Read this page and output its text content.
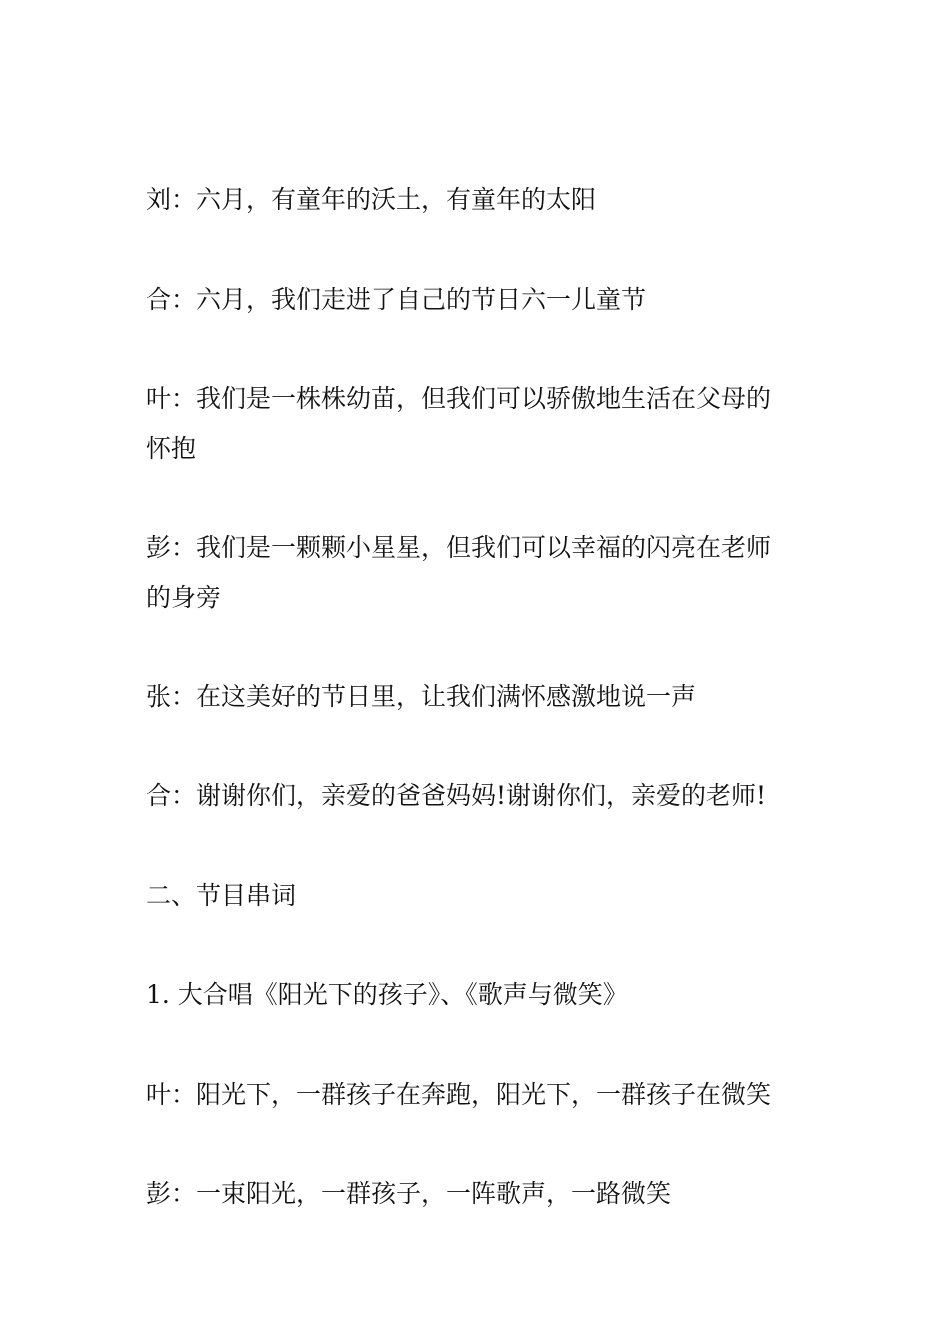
刘：六月，有童年的沃土，有童年的太阳
合：六月，我们走进了自己的节日六一儿童节
叶：我们是一株株幼苗，但我们可以骄傲地生活在父母的
怀抱
彭：我们是一颗颗小星星，但我们可以幸福的闪亮在老师
的身旁
张：在这美好的节日里，让我们满怀感激地说一声
合：谢谢你们，亲爱的爸爸妈妈!谢谢你们，亲爱的老师!
二、节目串词
1. 大合唱《阳光下的孩子》、《歌声与微笑》
叶：阳光下，一群孩子在奔跑，阳光下，一群孩子在微笑
彭：一束阳光，一群孩子，一阵歌声，一路微笑
